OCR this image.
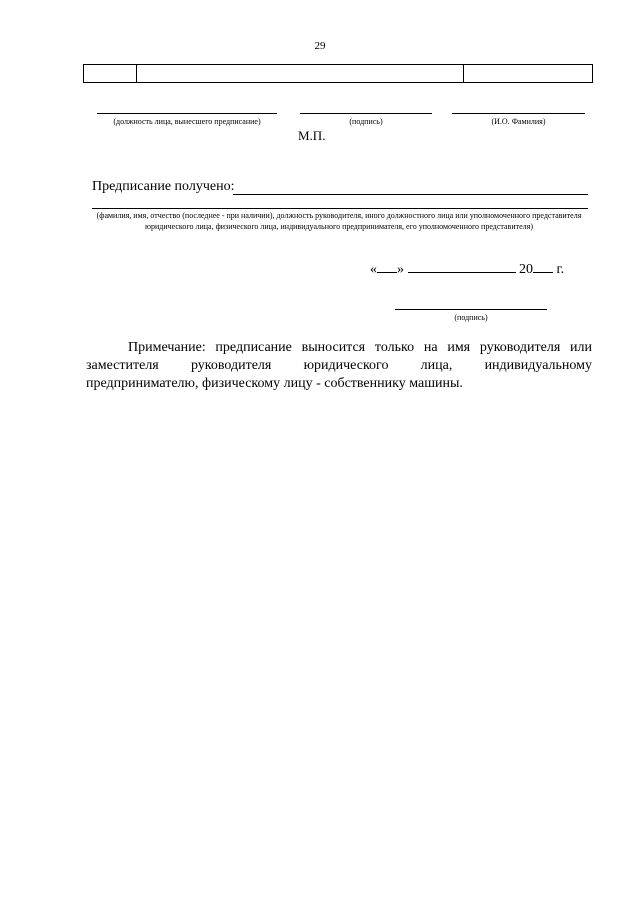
29
(должность лица, вынесшего предписание)	(подпись)	(И.О. Фамилия)
М.П.
Предписание получено:
(фамилия, имя, отчество (последнее - при наличии), должность руководителя, иного должностного лица или уполномоченного представителя юридического лица, физического лица, индивидуального предпринимателя, его уполномоченного представителя)
« »	20 г.
(подпись)
Примечание: предписание выносится только на имя руководителя или заместителя руководителя юридического лица, индивидуальному предпринимателю, физическому лицу - собственнику машины.
